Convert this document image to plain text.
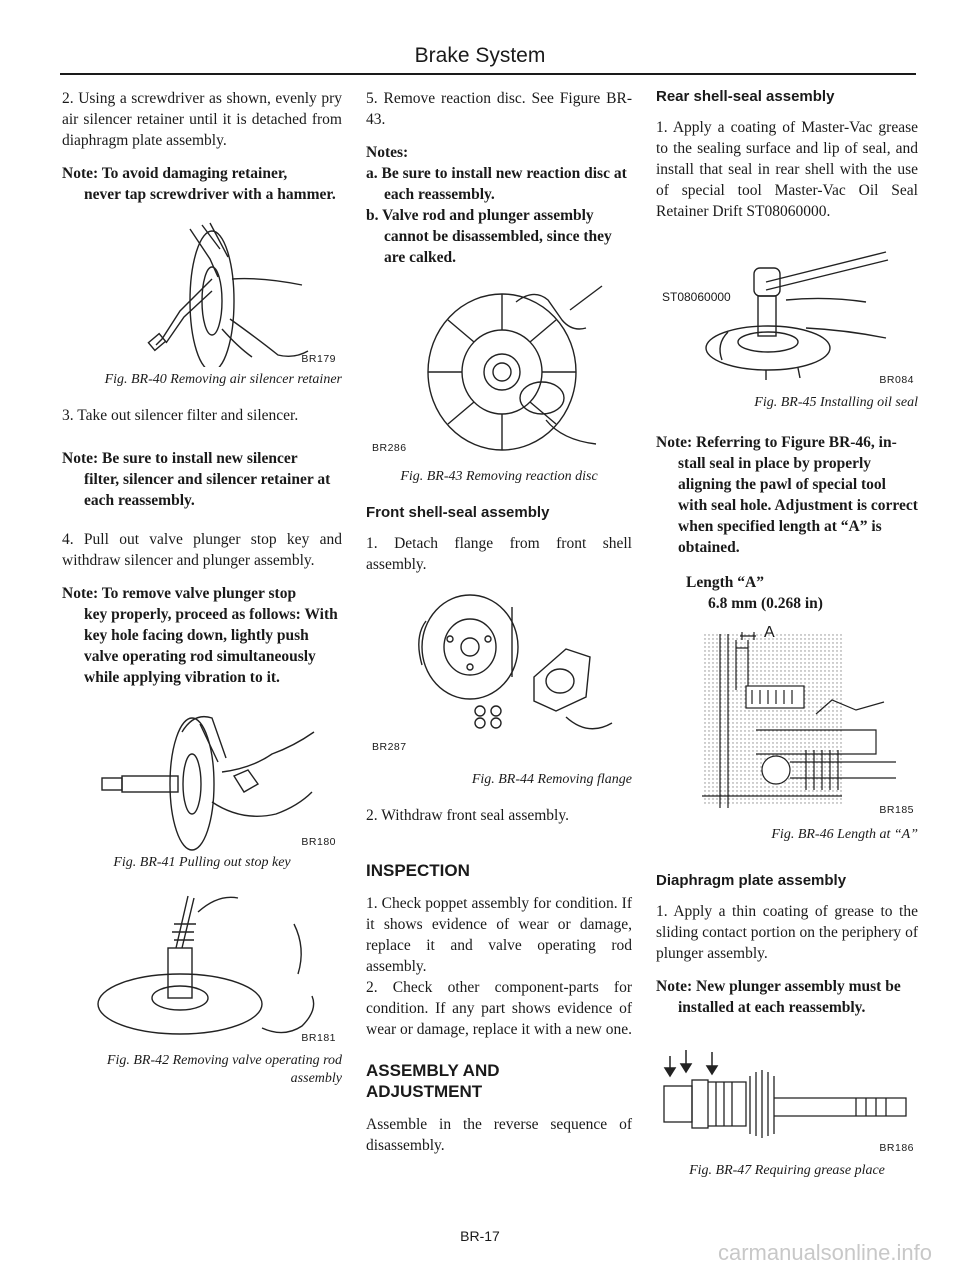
Brake System

2. Using a screwdriver as shown, evenly pry air silencer retainer until it is detached from diaphragm plate assembly.

Note: To avoid damaging retainer,
never tap screwdriver with a hammer.
BR179
Fig. BR-40 Removing air silencer retainer

3. Take out silencer filter and silencer.

Note: Be sure to install new silencer
filter, silencer and silencer retainer at each reassembly.

4. Pull out valve plunger stop key and withdraw silencer and plunger assembly.

Note: To remove valve plunger stop
key properly, proceed as follows: With key hole facing down, lightly push valve operating rod simultaneously while applying vibration to it.
BR180
Fig. BR-41 Pulling out stop key
BR181
Fig. BR-42 Removing valve operating rod assembly

5. Remove reaction disc. See Figure BR-43.

Notes:
a. Be sure to install new reaction disc at each reassembly.
b. Valve rod and plunger assembly cannot be disassembled, since they are calked.
BR286
Fig. BR-43 Removing reaction disc
Front shell-seal assembly

1. Detach flange from front shell assembly.

BR287
Fig. BR-44 Removing flange

2. Withdraw front seal assembly.

INSPECTION

1. Check poppet assembly for condition. If it shows evidence of wear or damage, replace it and valve operating rod assembly.

2. Check other component-parts for condition. If any part shows evidence of wear or damage, replace it with a new one.

ASSEMBLY AND ADJUSTMENT

Assemble in the reverse sequence of disassembly.

Rear shell-seal assembly

1. Apply a coating of Master-Vac grease to the sealing surface and lip of seal, and install that seal in rear shell with the use of special tool Master-Vac Oil Seal Retainer Drift ST08060000.

ST08060000
BR084
Fig. BR-45 Installing oil seal
Note: Referring to Figure BR-46, in-
stall seal in place by properly aligning the pawl of special tool with seal hole. Adjustment is correct when specified length at “A” is obtained.
Length “A”
6.8 mm (0.268 in)
A
BR185
Fig. BR-46 Length at “A”
Diaphragm plate assembly

1. Apply a thin coating of grease to the sliding contact portion on the periphery of plunger assembly.

Note: New plunger assembly must be
installed at each reassembly.
BR186
Fig. BR-47 Requiring grease place
BR-17
carmanualsonline.info
